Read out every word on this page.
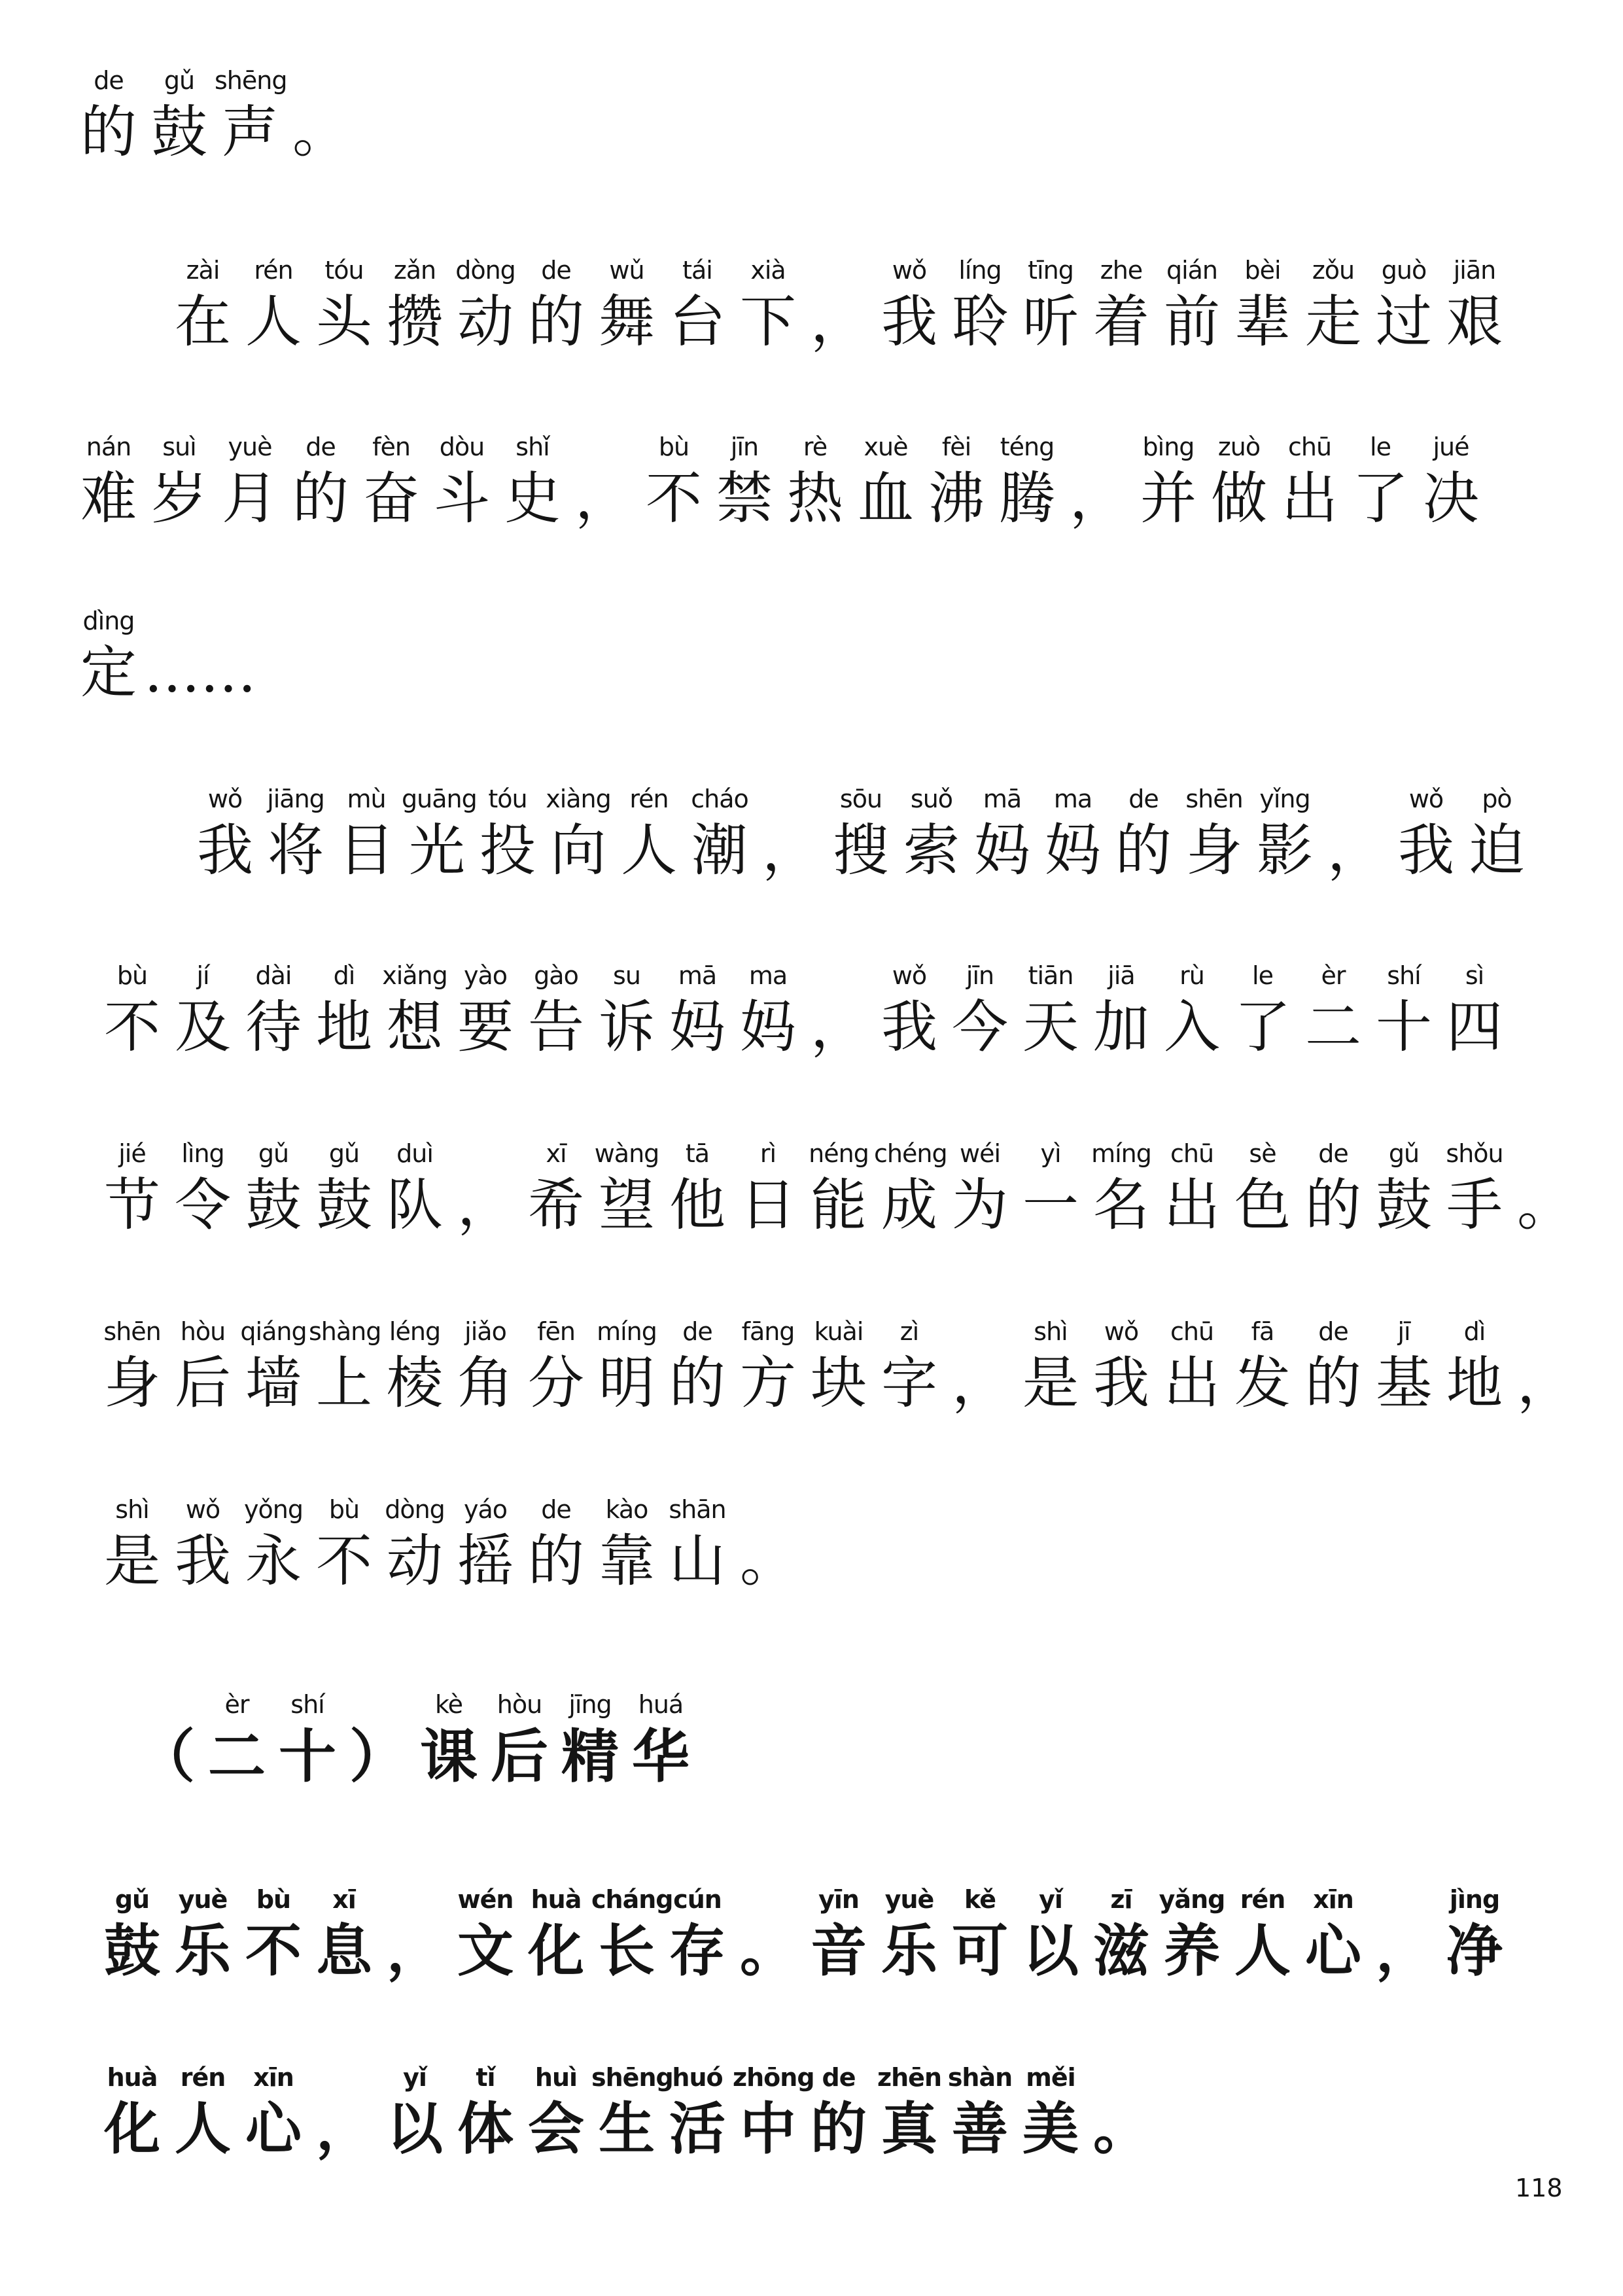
de
的
gǔ
鼓
shēng
声 。
zài
在
rén
人
tóu
头
zǎn
攒
dòng
动
de
的
wǔ
舞
tái
台
xià
下 ，
wǒ
我
líng
聆
tīng
听
zhe
着
qián
前
bèi
辈
zǒu
走
guò
过
jiān
艰
nán
难
suì
岁
yuè
月
de
的
fèn
奋
dòu
斗
shǐ
史 ，
bù
不
jīn
禁
rè
热
xuè
血
fèi
沸
téng
腾 ，
bìng
并
zuò
做
chū
出
le
了
jué
决
dìng
定 ……
wǒ
我
jiāng
将
mù
目
guāng
光
tóu
投
xiàng
向
rén
人
cháo
潮 ，
sōu
搜
suǒ
索
mā
妈
ma
妈
de
的
shēn
身
yǐng
影 ，
wǒ
我
pò
迫
bù
不
jí
及
dài
待
dì
地
xiǎng
想
yào
要
gào
告
su
诉
mā
妈
ma
妈 ，
wǒ
我
jīn
今
tiān
天
jiā
加
rù
入
le
了
èr
二
shí
十
sì
四
jié
节
lìng
令
gǔ
鼓
gǔ
鼓
duì
队 ，
xī
希
wàng
望
tā
他
rì
日
néng
能
chéng
成
wéi
为
yì
一
míng
名
chū
出
sè
色
de
的
gǔ
鼓
shǒu
手 。
shēn
身
hòu
后
qiáng
墙
shàng
上
léng
棱
jiǎo
角
fēn
分
míng
明
de
的
fāng
方
kuài
块
zì
字 ，
shì
是
wǒ
我
chū
出
fā
发
de
的
jī
基
dì
地 ，
shì
是
wǒ
我
yǒng
永
bù
不
dòng
动
yáo
摇
de
的
kào
靠
shān
山 。
（
èr
二
shí
十 ）
kè
课
hòu
后
jīng
精
huá
华
gǔ
鼓
yuè
乐
bù
不
xī
息 ，
wén
文
huà
化
cháng
长
cún
存 。
yīn
音
yuè
乐
kě
可
yǐ
以
zī
滋
yǎng
养
rén
人
xīn
心 ，
jìng
净
huà
化
rén
人
xīn
心 ，
yǐ
以
tǐ
体
huì
会
shēng
生
huó
活
zhōng
中
de
的
zhēn
真
shàn
善
měi
美 。
118
